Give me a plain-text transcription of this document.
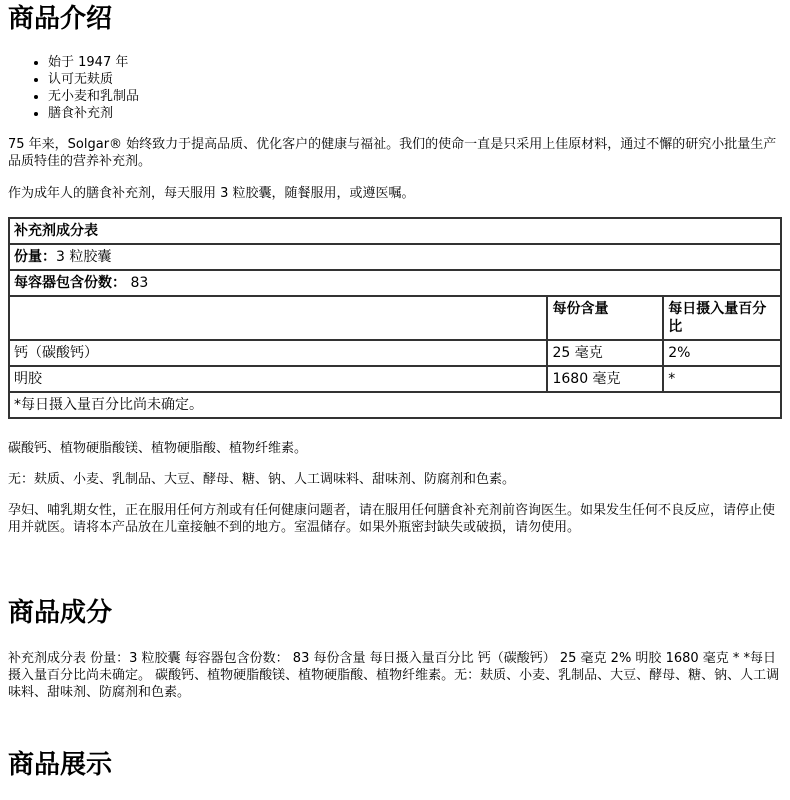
商品介绍
• 始于 1947 年
• 认可无麸质
• 无小麦和乳制品
• 膳食补充剂

75 年来，Solgar® 始终致力于提高品质、优化客户的健康与福祉。我们的使命一直是只采用上佳原材料，通过不懈的研究小批量生产品质特佳的营养补充剂。

作为成年人的膳食补充剂，每天服用 3 粒胶囊，随餐服用，或遵医嘱。

补充剂成分表		
份量：3 粒胶囊		
每容器包含份数： 83		
	每份含量	每日摄入量百分比
钙（碳酸钙）	25 毫克	2%
明胶	1680 毫克	*
*每日摄入量百分比尚未确定。		

碳酸钙、植物硬脂酸镁、植物硬脂酸、植物纤维素。

无：麸质、小麦、乳制品、大豆、酵母、糖、钠、人工调味料、甜味剂、防腐剂和色素。

孕妇、哺乳期女性，正在服用任何方剂或有任何健康问题者，请在服用任何膳食补充剂前咨询医生。如果发生任何不良反应，请停止使用并就医。请将本产品放在儿童接触不到的地方。室温储存。如果外瓶密封缺失或破损，请勿使用。

商品成分

补充剂成分表 份量：3 粒胶囊 每容器包含份数： 83 每份含量 每日摄入量百分比 钙（碳酸钙） 25 毫克 2% 明胶 1680 毫克 * *每日摄入量百分比尚未确定。 碳酸钙、植物硬脂酸镁、植物硬脂酸、植物纤维素。无：麸质、小麦、乳制品、大豆、酵母、糖、钠、人工调味料、甜味剂、防腐剂和色素。

商品展示
